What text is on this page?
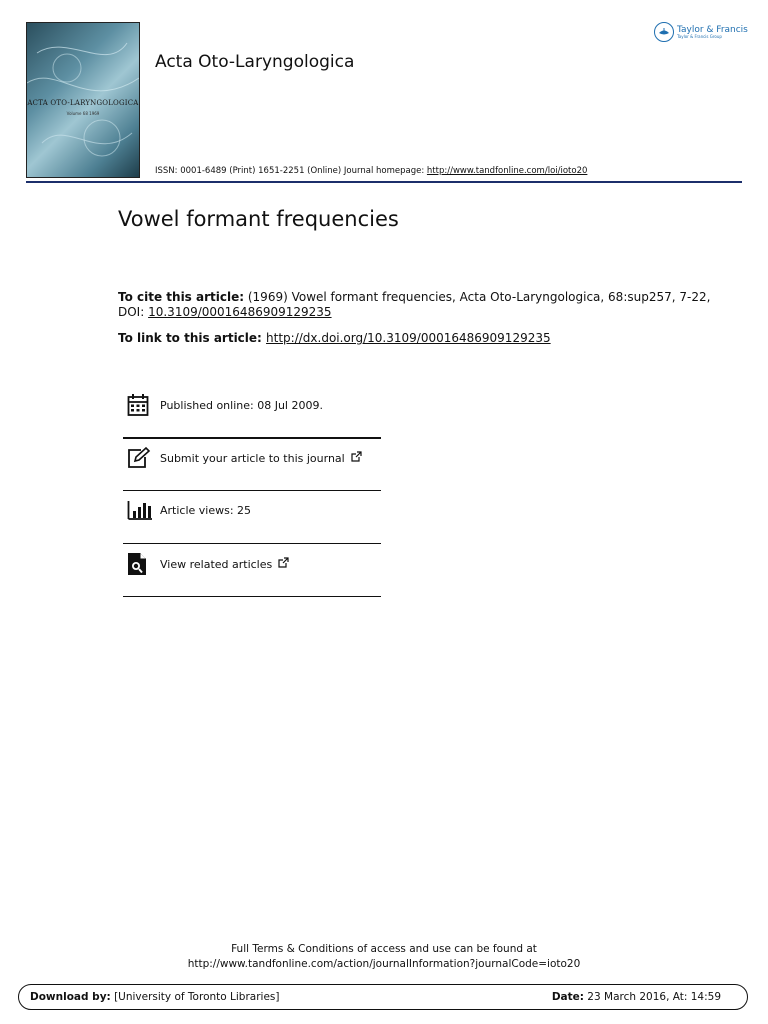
ACTA OTO-LARYNGOLOGICA
Volume 68 1969
Acta Oto-Laryngologica
Taylor & Francis
Taylor & Francis Group
ISSN: 0001-6489 (Print) 1651-2251 (Online) Journal homepage: http://www.tandfonline.com/loi/ioto20
Vowel formant frequencies
To cite this article: (1969) Vowel formant frequencies, Acta Oto-Laryngologica, 68:sup257, 7-22,
DOI: 10.3109/00016486909129235
To link to this article: http://dx.doi.org/10.3109/00016486909129235
Published online: 08 Jul 2009.
Submit your article to this journal
Article views: 25
View related articles
Full Terms & Conditions of access and use can be found at
http://www.tandfonline.com/action/journalInformation?journalCode=ioto20
Download by: [University of Toronto Libraries]	Date: 23 March 2016, At: 14:59
